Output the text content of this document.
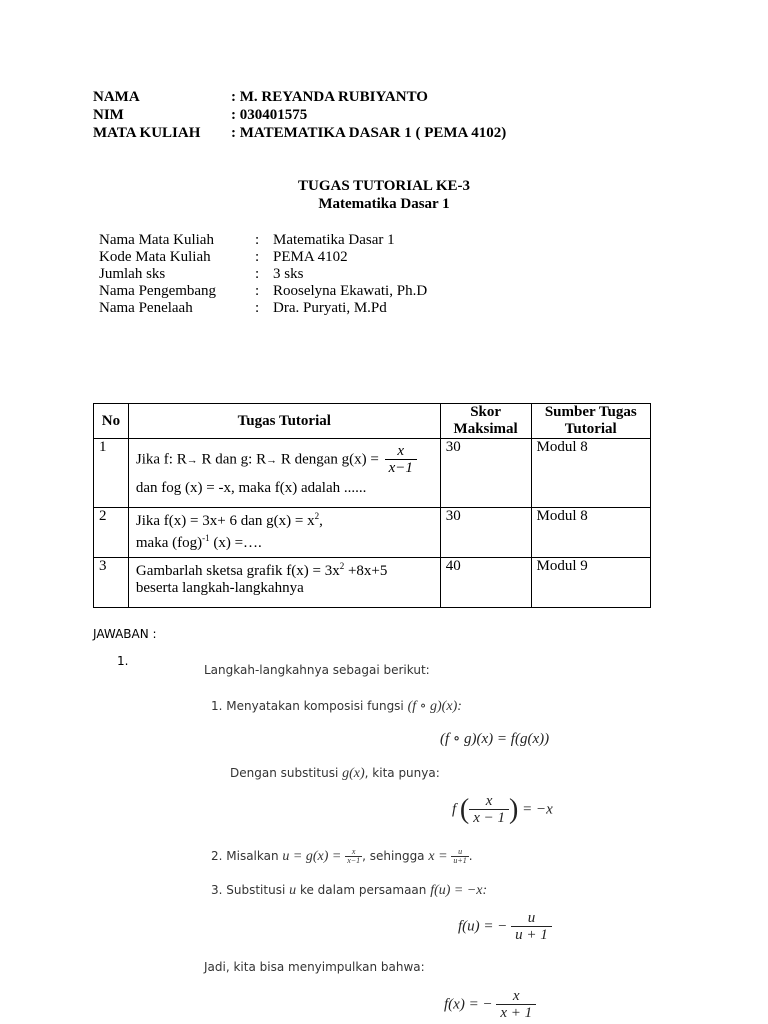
NAMA	: M. REYANDA RUBIYANTO
NIM	: 030401575
MATA KULIAH : MATEMATIKA DASAR 1 ( PEMA 4102)
TUGAS TUTORIAL KE-3
Matematika Dasar 1
Nama Mata Kuliah	: Matematika Dasar 1
Kode Mata Kuliah	: PEMA 4102
Jumlah sks	: 3 sks
Nama Pengembang	: Rooselyna Ekawati, Ph.D
Nama Penelaah	: Dra. Puryati, M.Pd
No	Tugas Tutorial	Skor Maksimal	Sumber Tugas Tutorial
1	Jika f: R→ R dan g: R→ R dengan $g(x) = \frac{x}{x-1}$
dan fog (x) = -x, maka f(x) adalah ......	30	Modul 8
2	Jika f(x) = 3x+ 6 dan $g(x) = x^2$,
maka (fog)$^{-1}$ (x) =….	30	Modul 8
3	Gambarlah sketsa grafik $f(x) = 3x^2 +8x+5$
beserta langkah-langkahnya	40	Modul 9
JAWABAN :
1.
Langkah-langkahnya sebagai berikut:
1. Menyatakan komposisi fungsi (f ∘ g)(x):
(f ∘ g)(x) = f(g(x))
Dengan substitusi g(x), kita punya:
f ( $\frac{x}{x - 1}$ ) = −x
2. Misalkan $u = g(x) = \frac{x}{x-1}$ , sehingga $x = \frac{u}{u+1}$ .
3. Substitusi u ke dalam persamaan f(u) = −x:
f(u) = − $\frac{u}{u + 1}$
Jadi, kita bisa menyimpulkan bahwa:
f(x) = − $\frac{x}{x + 1}$
